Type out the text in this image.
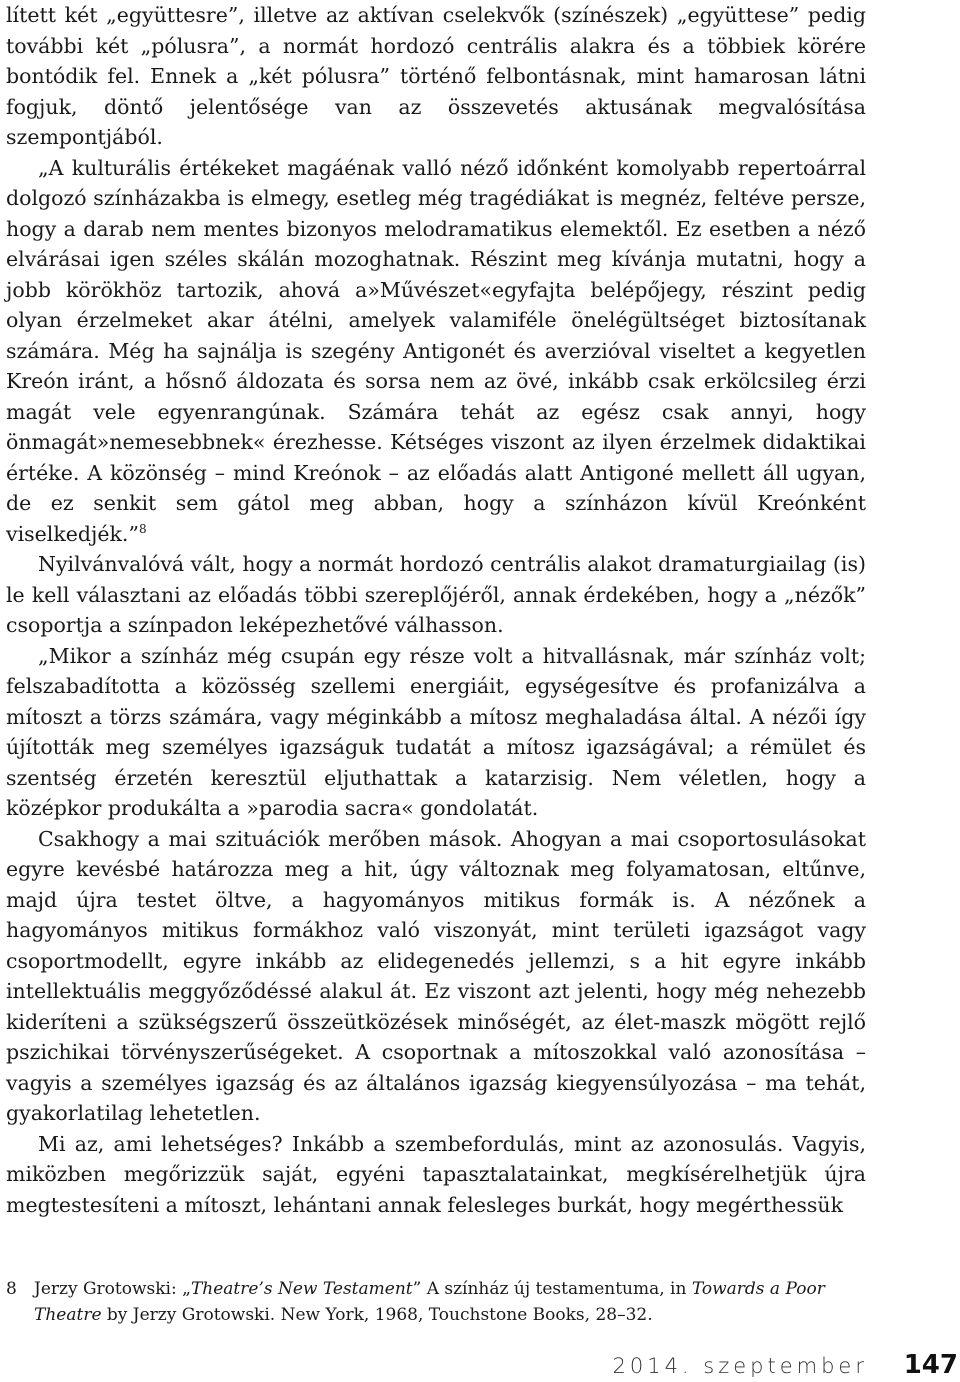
lített két „együttesre”, illetve az aktívan cselekvők (színészek) „együttese” pedig további két „pólusra”, a normát hordozó centrális alakra és a többiek körére bontódik fel. Ennek a „két pólusra” történő felbontásnak, mint hamarosan látni fogjuk, döntő jelentősége van az összevetés aktusának megvalósítása szempontjából.

„A kulturális értékeket magáénak valló néző időnként komolyabb repertoárral dolgozó színházakba is elmegy, esetleg még tragédiákat is megnéz, feltéve persze, hogy a darab nem mentes bizonyos melodramatikus elemektől. Ez esetben a néző elvárásai igen széles skálán mozoghatnak. Részint meg kívánja mutatni, hogy a jobb körökhöz tartozik, ahová a»Művészet«egyfajta belépőjegy, részint pedig olyan érzelmeket akar átélni, amelyek valamiféle önelégültséget biztosítanak számára. Még ha sajnálja is szegény Antigonét és averzióval viseltet a kegyetlen Kreón iránt, a hősnő áldozata és sorsa nem az övé, inkább csak erkölcsileg érzi magát vele egyenrangúnak. Számára tehát az egész csak annyi, hogy önmagát»nemesebbnek« érezhesse. Kétséges viszont az ilyen érzelmek didaktikai értéke. A közönség – mind Kreónok – az előadás alatt Antigoné mellett áll ugyan, de ez senkit sem gátol meg abban, hogy a színházon kívül Kreónként viselkedjék.”$^8$

Nyilvánvalóvá vált, hogy a normát hordozó centrális alakot dramaturgiailag (is) le kell választani az előadás többi szereplőjéről, annak érdekében, hogy a „nézők” csoportja a színpadon leképezhetővé válhasson.

„Mikor a színház még csupán egy része volt a hitvallásnak, már színház volt; felszabadította a közösség szellemi energiáit, egységesítve és profanizálva a mítoszt a törzs számára, vagy méginkább a mítosz meghaladása által. A nézői így újították meg személyes igazságuk tudatát a mítosz igazságával; a rémület és szentség érzetén keresztül eljuthattak a katarzisig. Nem véletlen, hogy a középkor produkálta a »parodia sacra« gondolatát.

Csakhogy a mai szituációk merőben mások. Ahogyan a mai csoportosulásokat egyre kevésbé határozza meg a hit, úgy változnak meg folyamatosan, eltűnve, majd újra testet öltve, a hagyományos mitikus formák is. A nézőnek a hagyományos mitikus formákhoz való viszonyát, mint területi igazságot vagy csoportmodellt, egyre inkább az elidegenedés jellemzi, s a hit egyre inkább intellektuális meggyőződéssé alakul át. Ez viszont azt jelenti, hogy még nehezebb kideríteni a szükségszerű összeütközések minőségét, az élet-maszk mögött rejlő pszichikai törvényszerűségeket. A csoportnak a mítoszokkal való azonosítása – vagyis a személyes igazság és az általános igazság kiegyensúlyozása – ma tehát, gyakorlatilag lehetetlen.

Mi az, ami lehetséges? Inkább a szembefordulás, mint az azonosulás. Vagyis, miközben megőrizzük saját, egyéni tapasztalatainkat, megkísérelhetjük újra megtestesíteni a mítoszt, lehántani annak felesleges burkát, hogy megérthessük

8	Jerzy Grotowski: „Theatre’s New Testament” A színház új testamentuma, in Towards a Poor Theatre by Jerzy Grotowski. New York, 1968, Touchstone Books, 28–32.
2014. szeptember 147
